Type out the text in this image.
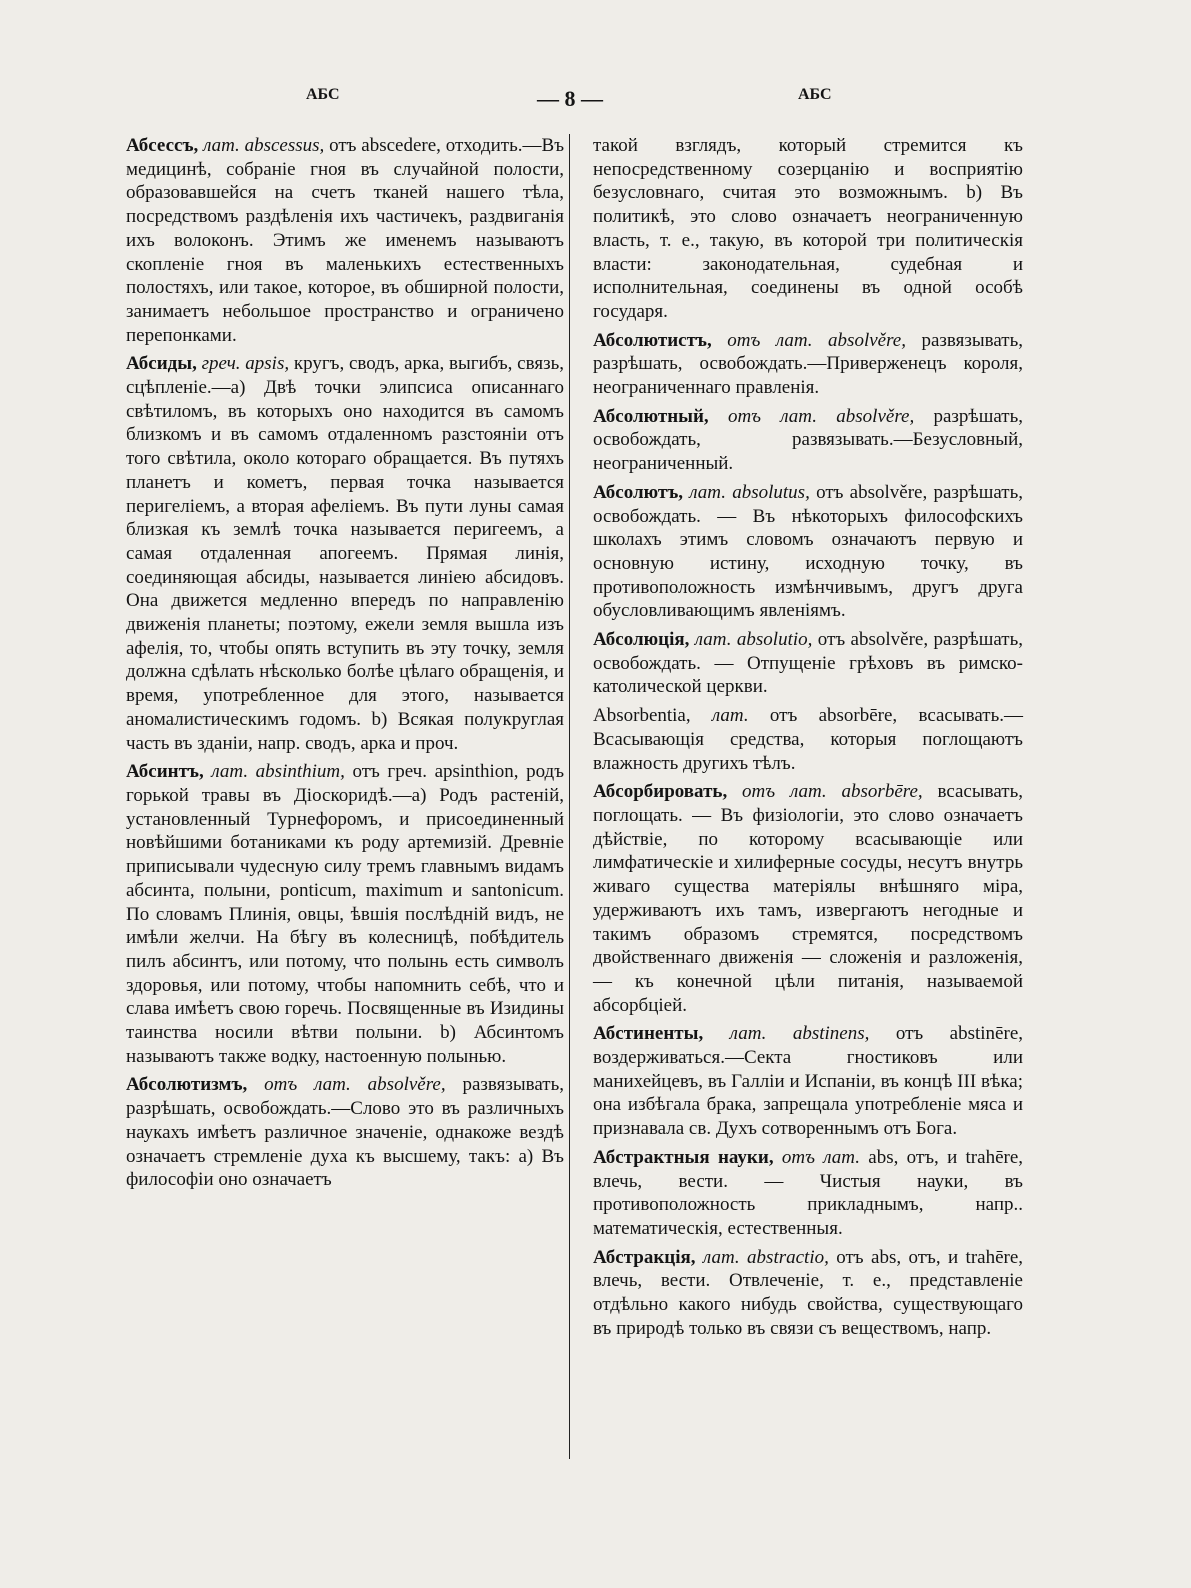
АБС	— 8 —	АБС

Абсессъ, лат. abscessus, отъ abscedere, отходить.—Въ медицинѣ, собраніе гноя въ случайной полости, образовавшейся на счетъ тканей нашего тѣла, посредствомъ раздѣленія ихъ частичекъ, раздвиганія ихъ волоконъ. Этимъ же именемъ называютъ скопленіе гноя въ маленькихъ естественныхъ полостяхъ, или такое, которое, въ обширной полости, занимаетъ небольшое пространство и ограничено перепонками.

Абсиды, греч. apsis, кругъ, сводъ, арка, выгибъ, связь, сцѣпленіе.—а) Двѣ точки элипсиса описаннаго свѣтиломъ, въ которыхъ оно находится въ самомъ близкомъ и въ самомъ отдаленномъ разстояніи отъ того свѣтила, около котораго обращается. Въ путяхъ планетъ и кометъ, первая точка называется перигеліемъ, а вторая афеліемъ. Въ пути луны самая близкая къ землѣ точка называется перигеемъ, а самая отдаленная апогеемъ. Прямая линія, соединяющая абсиды, называется линіею абсидовъ. Она движется медленно впередъ по направленію движенія планеты; поэтому, ежели земля вышла изъ афелія, то, чтобы опять вступить въ эту точку, земля должна сдѣлать нѣсколько болѣе цѣлаго обращенія, и время, употребленное для этого, называется аномалистическимъ годомъ. b) Всякая полукруглая часть въ зданіи, напр. сводъ, арка и проч.

Абсинтъ, лат. absinthium, отъ греч. apsinthion, родъ горькой травы въ Діоскоридѣ.—а) Родъ растеній, установленный Турнефоромъ, и присоединенный новѣйшими ботаниками къ роду артемизій. Древніе приписывали чудесную силу тремъ главнымъ видамъ абсинта, полыни, ponticum, maximum и santonicum. По словамъ Плинія, овцы, ѣвшія послѣдній видъ, не имѣли желчи. На бѣгу въ колесницѣ, побѣдитель пилъ абсинтъ, или потому, что полынь есть символъ здоровья, или потому, чтобы напомнить себѣ, что и слава имѣетъ свою горечь. Посвященные въ Изидины таинства носили вѣтви полыни. b) Абсинтомъ называютъ также водку, настоенную полынью.

Абсолютизмъ, отъ лат. absolvěre, развязывать, разрѣшать, освобождать.—Слово это въ различныхъ наукахъ имѣетъ различное значеніе, однакоже вездѣ означаетъ стремленіе духа къ высшему, такъ: а) Въ философіи оно означаетъ

такой взглядъ, который стремится къ непосредственному созерцанію и восприятію безусловнаго, считая это возможнымъ. b) Въ политикѣ, это слово означаетъ неограниченную власть, т. е., такую, въ которой три политическія власти: законодательная, судебная и исполнительная, соединены въ одной особѣ государя.

Абсолютистъ, отъ лат. absolvěre, развязывать, разрѣшать, освобождать.—Приверженецъ короля, неограниченнаго правленія.

Абсолютный, отъ лат. absolvěre, разрѣшать, освобождать, развязывать.—Безусловный, неограниченный.

Абсолютъ, лат. absolutus, отъ absolvěre, разрѣшать, освобождать. — Въ нѣкоторыхъ философскихъ школахъ этимъ словомъ означаютъ первую и основную истину, исходную точку, въ противоположность измѣнчивымъ, другъ друга обусловливающимъ явленіямъ.

Абсолюція, лат. absolutio, отъ absolvěre, разрѣшать, освобождать. — Отпущеніе грѣховъ въ римско-католической церкви.

Absorbentia, лат. отъ absorbēre, всасывать.—Всасывающія средства, которыя поглощаютъ влажность другихъ тѣлъ.

Абсорбировать, отъ лат. absorbēre, всасывать, поглощать. — Въ физіологіи, это слово означаетъ дѣйствіе, по которому всасывающіе или лимфатическіе и хилиферные сосуды, несутъ внутрь живаго существа матеріялы внѣшняго міра, удерживаютъ ихъ тамъ, извергаютъ негодные и такимъ образомъ стремятся, посредствомъ двойственнаго движенія — сложенія и разложенія, — къ конечной цѣли питанія, называемой абсорбціей.

Абстиненты, лат. abstinens, отъ abstinēre, воздерживаться.—Секта гностиковъ или манихейцевъ, въ Галліи и Испаніи, въ концѣ III вѣка; она избѣгала брака, запрещала употребленіе мяса и признавала св. Духъ сотвореннымъ отъ Бога.

Абстрактныя науки, отъ лат. abs, отъ, и trahēre, влечь, вести. — Чистыя науки, въ противоположность прикладнымъ, напр.. математическія, естественныя.

Абстракція, лат. abstractio, отъ abs, отъ, и trahēre, влечь, вести. Отвлеченіе, т. е., представленіе отдѣльно какого нибудь свойства, существующаго въ природѣ только въ связи съ веществомъ, напр.
